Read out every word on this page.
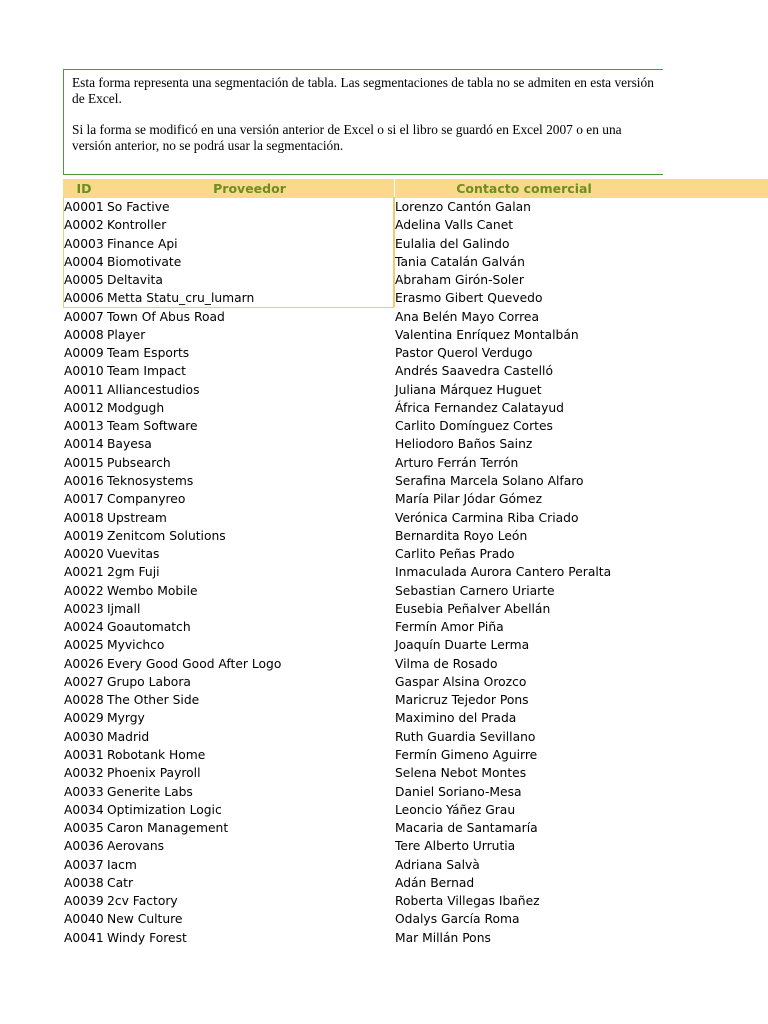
Esta forma representa una segmentación de tabla. Las segmentaciones de tabla no se admiten en esta versión de Excel.

Si la forma se modificó en una versión anterior de Excel o si el libro se guardó en Excel 2007 o en una versión anterior, no se podrá usar la segmentación.

ID	Proveedor	Contacto comercial
A0001 So Factive	Lorenzo Cantón Galan
A0002 Kontroller	Adelina Valls Canet
A0003 Finance Api	Eulalia del Galindo
A0004 Biomotivate	Tania Catalán Galván
A0005 Deltavita	Abraham Girón-Soler
A0006 Metta Statu_cru_lumarn	Erasmo Gibert Quevedo
A0007 Town Of Abus Road	Ana Belén Mayo Correa
A0008 Player	Valentina Enríquez Montalbán
A0009 Team Esports	Pastor Querol Verdugo
A0010 Team Impact	Andrés Saavedra Castelló
A0011 Alliancestudios	Juliana Márquez Huguet
A0012 Modgugh	África Fernandez Calatayud
A0013 Team Software	Carlito Domínguez Cortes
A0014 Bayesa	Heliodoro Baños Sainz
A0015 Pubsearch	Arturo Ferrán Terrón
A0016 Teknosystems	Serafina Marcela Solano Alfaro
A0017 Companyreo	María Pilar Jódar Gómez
A0018 Upstream	Verónica Carmina Riba Criado
A0019 Zenitcom Solutions	Bernardita Royo León
A0020 Vuevitas	Carlito Peñas Prado
A0021 2gm Fuji	Inmaculada Aurora Cantero Peralta
A0022 Wembo Mobile	Sebastian Carnero Uriarte
A0023 Ijmall	Eusebia Peñalver Abellán
A0024 Goautomatch	Fermín Amor Piña
A0025 Myvichco	Joaquín Duarte Lerma
A0026 Every Good Good After Logo	Vilma de Rosado
A0027 Grupo Labora	Gaspar Alsina Orozco
A0028 The Other Side	Maricruz Tejedor Pons
A0029 Myrgy	Maximino del Prada
A0030 Madrid	Ruth Guardia Sevillano
A0031 Robotank Home	Fermín Gimeno Aguirre
A0032 Phoenix Payroll	Selena Nebot Montes
A0033 Generite Labs	Daniel Soriano-Mesa
A0034 Optimization Logic	Leoncio Yáñez Grau
A0035 Caron Management	Macaria de Santamaría
A0036 Aerovans	Tere Alberto Urrutia
A0037 Iacm	Adriana Salvà
A0038 Catr	Adán Bernad
A0039 2cv Factory	Roberta Villegas Ibañez
A0040 New Culture	Odalys García Roma
A0041 Windy Forest	Mar Millán Pons
